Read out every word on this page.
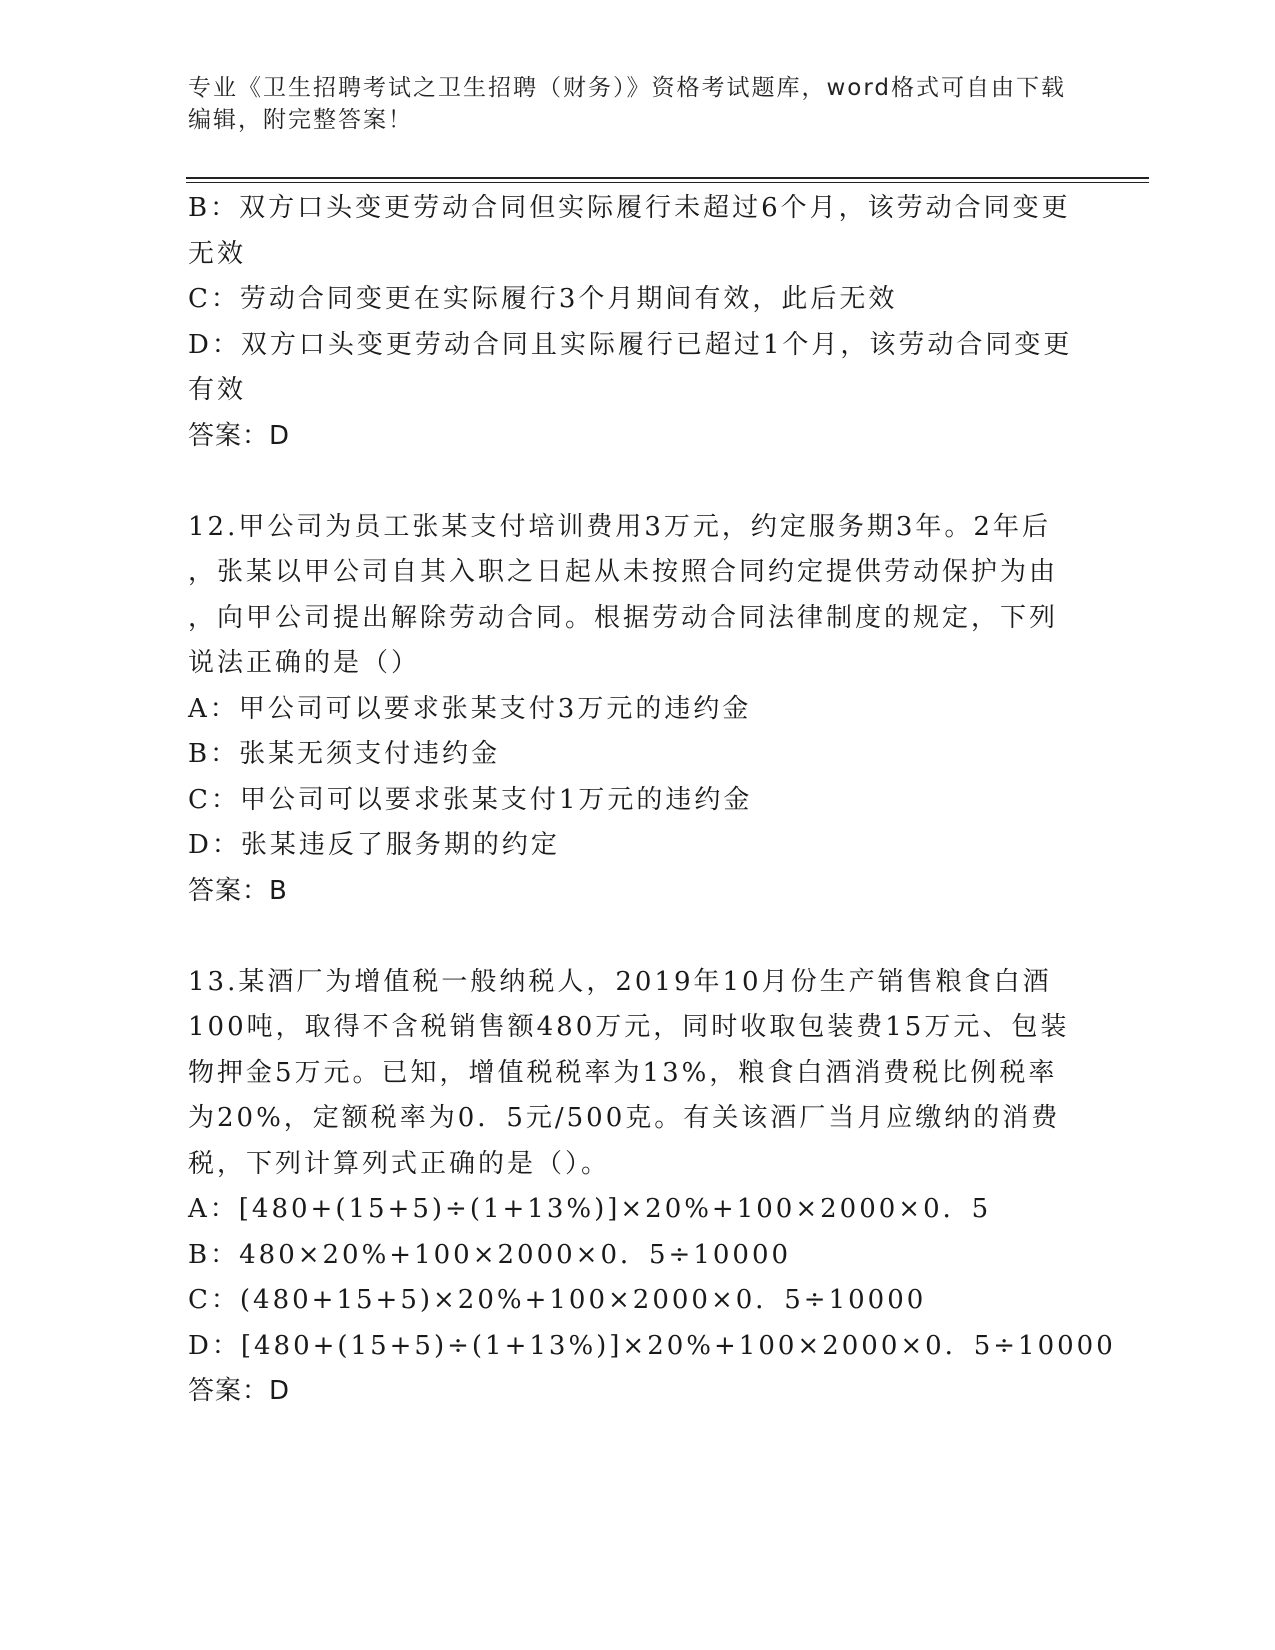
专业《卫生招聘考试之卫生招聘（财务）》资格考试题库，word格式可自由下载
编辑，附完整答案！
B：双方口头变更劳动合同但实际履行未超过6个月，该劳动合同变更
无效
C：劳动合同变更在实际履行3个月期间有效，此后无效
D：双方口头变更劳动合同且实际履行已超过1个月，该劳动合同变更
有效
答案：D
12.甲公司为员工张某支付培训费用3万元，约定服务期3年。2年后
，张某以甲公司自其入职之日起从未按照合同约定提供劳动保护为由
，向甲公司提出解除劳动合同。根据劳动合同法律制度的规定，下列
说法正确的是（）
A：甲公司可以要求张某支付3万元的违约金
B：张某无须支付违约金
C：甲公司可以要求张某支付1万元的违约金
D：张某违反了服务期的约定
答案：B
13.某酒厂为增值税一般纳税人，2019年10月份生产销售粮食白酒
100吨，取得不含税销售额480万元，同时收取包装费15万元、包装
物押金5万元。已知，增值税税率为13%，粮食白酒消费税比例税率
为20%，定额税率为0．5元/500克。有关该酒厂当月应缴纳的消费
税，下列计算列式正确的是（）。
A：[480+(15+5)÷(1+13%)]×20%+100×2000×0．5
B：480×20%+100×2000×0．5÷10000
C：(480+15+5)×20%+100×2000×0．5÷10000
D：[480+(15+5)÷(1+13%)]×20%+100×2000×0．5÷10000
答案：D
